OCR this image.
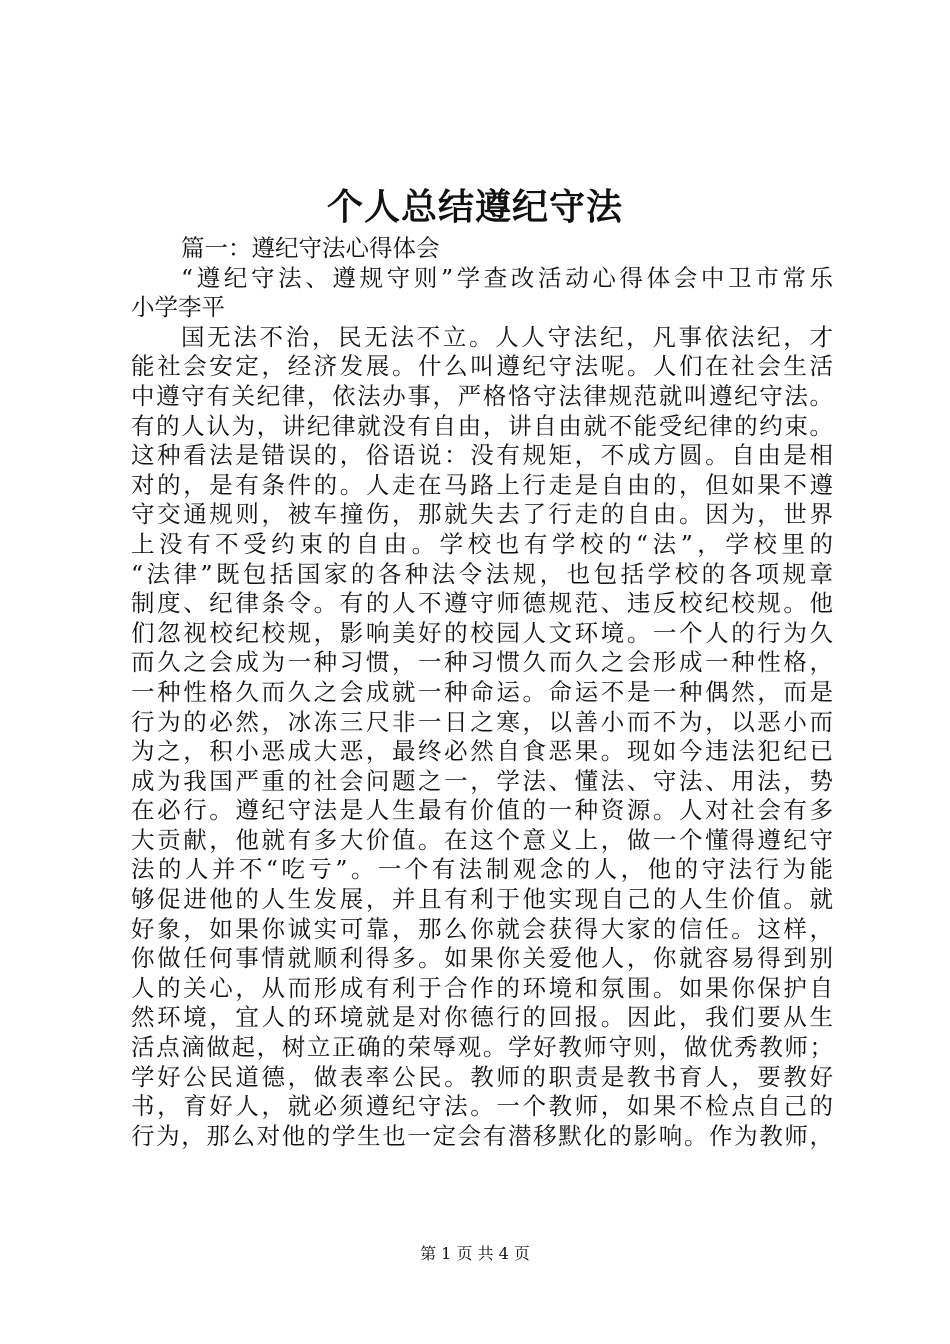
个人总结遵纪守法
篇一：遵纪守法心得体会
“遵纪守法、遵规守则”学查改活动心得体会中卫市常乐
小学李平
国无法不治，民无法不立。人人守法纪，凡事依法纪，才
能社会安定，经济发展。什么叫遵纪守法呢。人们在社会生活
中遵守有关纪律，依法办事，严格恪守法律规范就叫遵纪守法。
有的人认为，讲纪律就没有自由，讲自由就不能受纪律的约束。
这种看法是错误的，俗语说：没有规矩，不成方圆。自由是相
对的，是有条件的。人走在马路上行走是自由的，但如果不遵
守交通规则，被车撞伤，那就失去了行走的自由。因为，世界
上没有不受约束的自由。学校也有学校的“法”，学校里的
“法律”既包括国家的各种法令法规，也包括学校的各项规章
制度、纪律条令。有的人不遵守师德规范、违反校纪校规。他
们忽视校纪校规，影响美好的校园人文环境。一个人的行为久
而久之会成为一种习惯，一种习惯久而久之会形成一种性格，
一种性格久而久之会成就一种命运。命运不是一种偶然，而是
行为的必然，冰冻三尺非一日之寒，以善小而不为，以恶小而
为之，积小恶成大恶，最终必然自食恶果。现如今违法犯纪已
成为我国严重的社会问题之一，学法、懂法、守法、用法，势
在必行。遵纪守法是人生最有价值的一种资源。人对社会有多
大贡献，他就有多大价值。在这个意义上，做一个懂得遵纪守
法的人并不“吃亏”。一个有法制观念的人，他的守法行为能
够促进他的人生发展，并且有利于他实现自己的人生价值。就
好象，如果你诚实可靠，那么你就会获得大家的信任。这样，
你做任何事情就顺利得多。如果你关爱他人，你就容易得到别
人的关心，从而形成有利于合作的环境和氛围。如果你保护自
然环境，宜人的环境就是对你德行的回报。因此，我们要从生
活点滴做起，树立正确的荣辱观。学好教师守则，做优秀教师；
学好公民道德，做表率公民。教师的职责是教书育人，要教好
书，育好人，就必须遵纪守法。一个教师，如果不检点自己的
行为，那么对他的学生也一定会有潜移默化的影响。作为教师，
第 1 页 共 4 页
